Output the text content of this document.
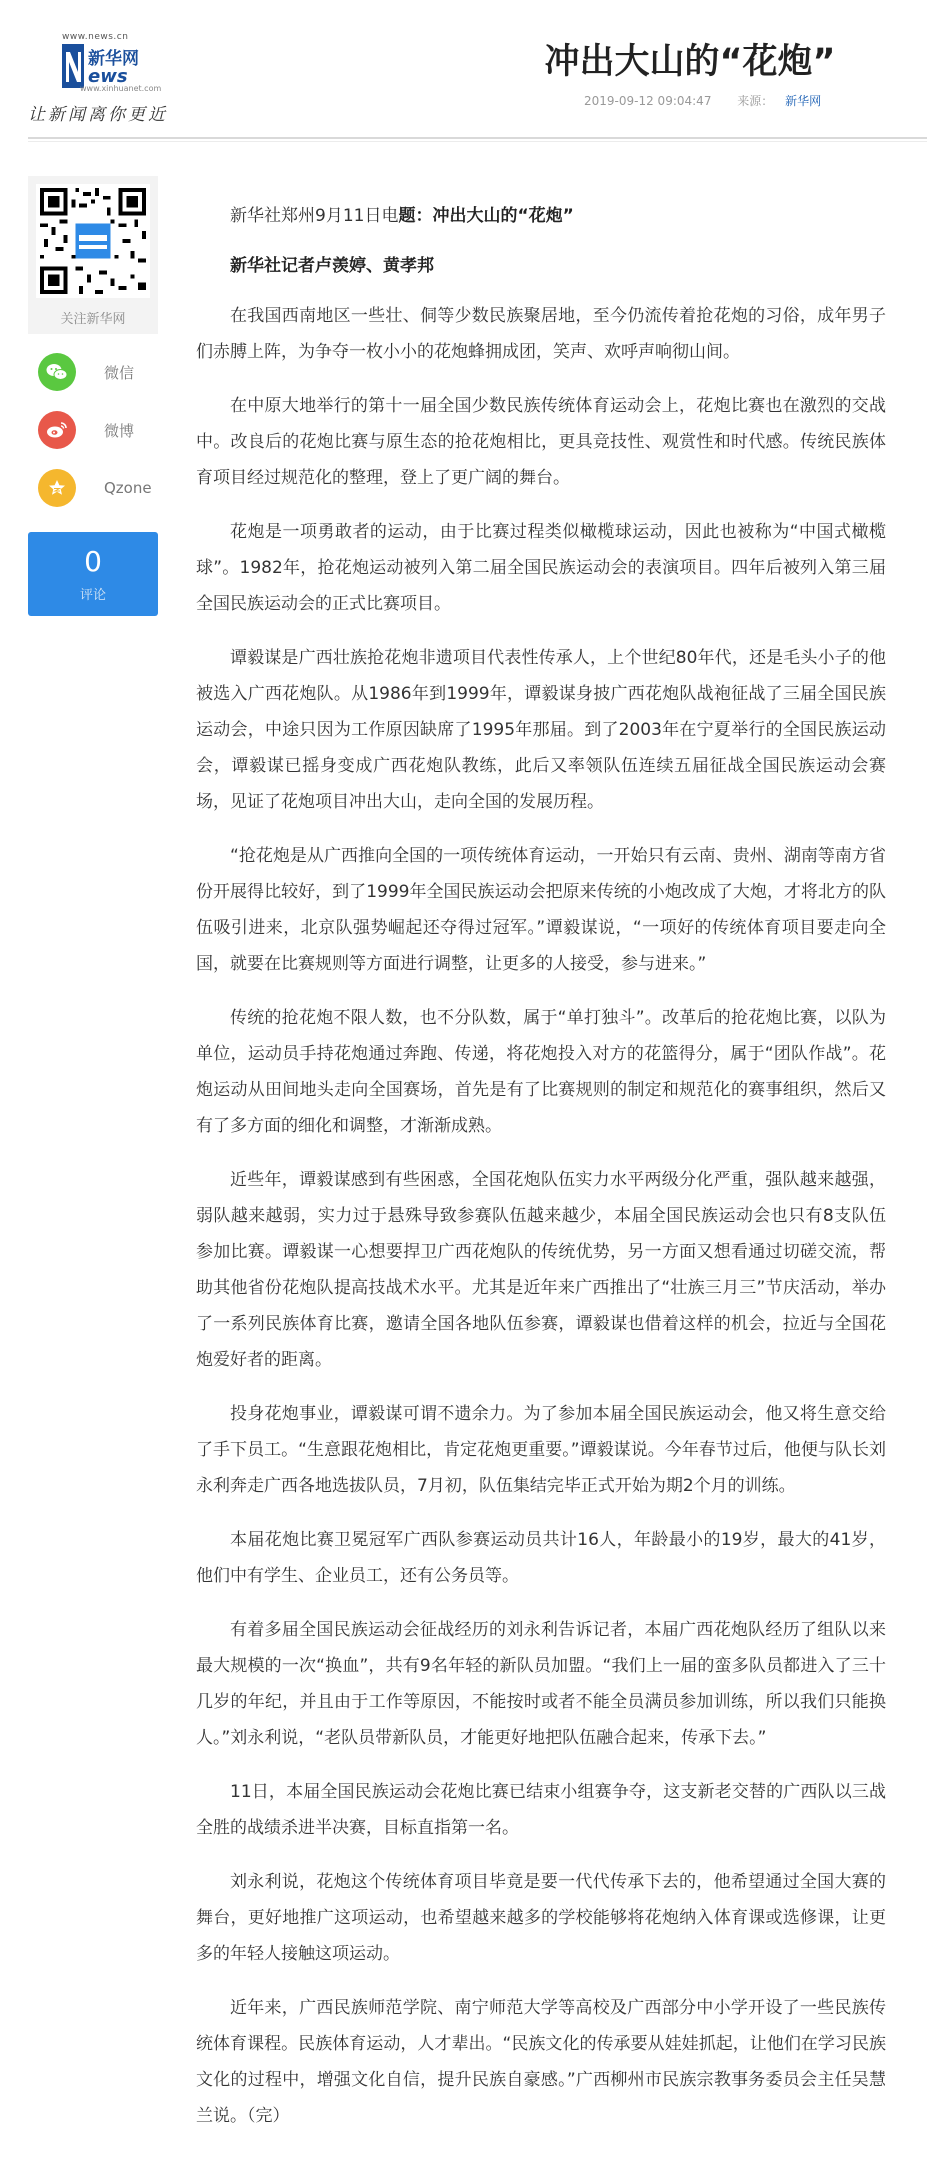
www.news.cn
新华网
ews
www.xinhuanet.com
让新闻离你更近
冲出大山的“花炮”
2019-09-12 09:04:47 来源： 新华网
关注新华网
微信
微博
Qzone
0
评论

新华社郑州9月11日电题：冲出大山的“花炮”

新华社记者卢羡婷、黄孝邦

在我国西南地区一些壮、侗等少数民族聚居地，至今仍流传着抢花炮的习俗，成年男子们赤膊上阵，为争夺一枚小小的花炮蜂拥成团，笑声、欢呼声响彻山间。

在中原大地举行的第十一届全国少数民族传统体育运动会上，花炮比赛也在激烈的交战中。改良后的花炮比赛与原生态的抢花炮相比，更具竞技性、观赏性和时代感。传统民族体育项目经过规范化的整理，登上了更广阔的舞台。

花炮是一项勇敢者的运动，由于比赛过程类似橄榄球运动，因此也被称为“中国式橄榄球”。1982年，抢花炮运动被列入第二届全国民族运动会的表演项目。四年后被列入第三届全国民族运动会的正式比赛项目。

谭毅谋是广西壮族抢花炮非遗项目代表性传承人，上个世纪80年代，还是毛头小子的他被选入广西花炮队。从1986年到1999年，谭毅谋身披广西花炮队战袍征战了三届全国民族运动会，中途只因为工作原因缺席了1995年那届。到了2003年在宁夏举行的全国民族运动会，谭毅谋已摇身变成广西花炮队教练，此后又率领队伍连续五届征战全国民族运动会赛场，见证了花炮项目冲出大山，走向全国的发展历程。

“抢花炮是从广西推向全国的一项传统体育运动，一开始只有云南、贵州、湖南等南方省份开展得比较好，到了1999年全国民族运动会把原来传统的小炮改成了大炮，才将北方的队伍吸引进来，北京队强势崛起还夺得过冠军。”谭毅谋说，“一项好的传统体育项目要走向全国，就要在比赛规则等方面进行调整，让更多的人接受，参与进来。”

传统的抢花炮不限人数，也不分队数，属于“单打独斗”。改革后的抢花炮比赛，以队为单位，运动员手持花炮通过奔跑、传递，将花炮投入对方的花篮得分，属于“团队作战”。花炮运动从田间地头走向全国赛场，首先是有了比赛规则的制定和规范化的赛事组织，然后又有了多方面的细化和调整，才渐渐成熟。

近些年，谭毅谋感到有些困惑，全国花炮队伍实力水平两级分化严重，强队越来越强，弱队越来越弱，实力过于悬殊导致参赛队伍越来越少，本届全国民族运动会也只有8支队伍参加比赛。谭毅谋一心想要捍卫广西花炮队的传统优势，另一方面又想看通过切磋交流，帮助其他省份花炮队提高技战术水平。尤其是近年来广西推出了“壮族三月三”节庆活动，举办了一系列民族体育比赛，邀请全国各地队伍参赛，谭毅谋也借着这样的机会，拉近与全国花炮爱好者的距离。

投身花炮事业，谭毅谋可谓不遗余力。为了参加本届全国民族运动会，他又将生意交给了手下员工。“生意跟花炮相比，肯定花炮更重要。”谭毅谋说。今年春节过后，他便与队长刘永利奔走广西各地选拔队员，7月初，队伍集结完毕正式开始为期2个月的训练。

本届花炮比赛卫冕冠军广西队参赛运动员共计16人，年龄最小的19岁，最大的41岁，他们中有学生、企业员工，还有公务员等。

有着多届全国民族运动会征战经历的刘永利告诉记者，本届广西花炮队经历了组队以来最大规模的一次“换血”，共有9名年轻的新队员加盟。“我们上一届的蛮多队员都进入了三十几岁的年纪，并且由于工作等原因，不能按时或者不能全员满员参加训练，所以我们只能换人。”刘永利说，“老队员带新队员，才能更好地把队伍融合起来，传承下去。”

11日，本届全国民族运动会花炮比赛已结束小组赛争夺，这支新老交替的广西队以三战全胜的战绩杀进半决赛，目标直指第一名。

刘永利说，花炮这个传统体育项目毕竟是要一代代传承下去的，他希望通过全国大赛的舞台，更好地推广这项运动，也希望越来越多的学校能够将花炮纳入体育课或选修课，让更多的年轻人接触这项运动。

近年来，广西民族师范学院、南宁师范大学等高校及广西部分中小学开设了一些民族传统体育课程。民族体育运动，人才辈出。“民族文化的传承要从娃娃抓起，让他们在学习民族文化的过程中，增强文化自信，提升民族自豪感。”广西柳州市民族宗教事务委员会主任吴慧兰说。（完）
